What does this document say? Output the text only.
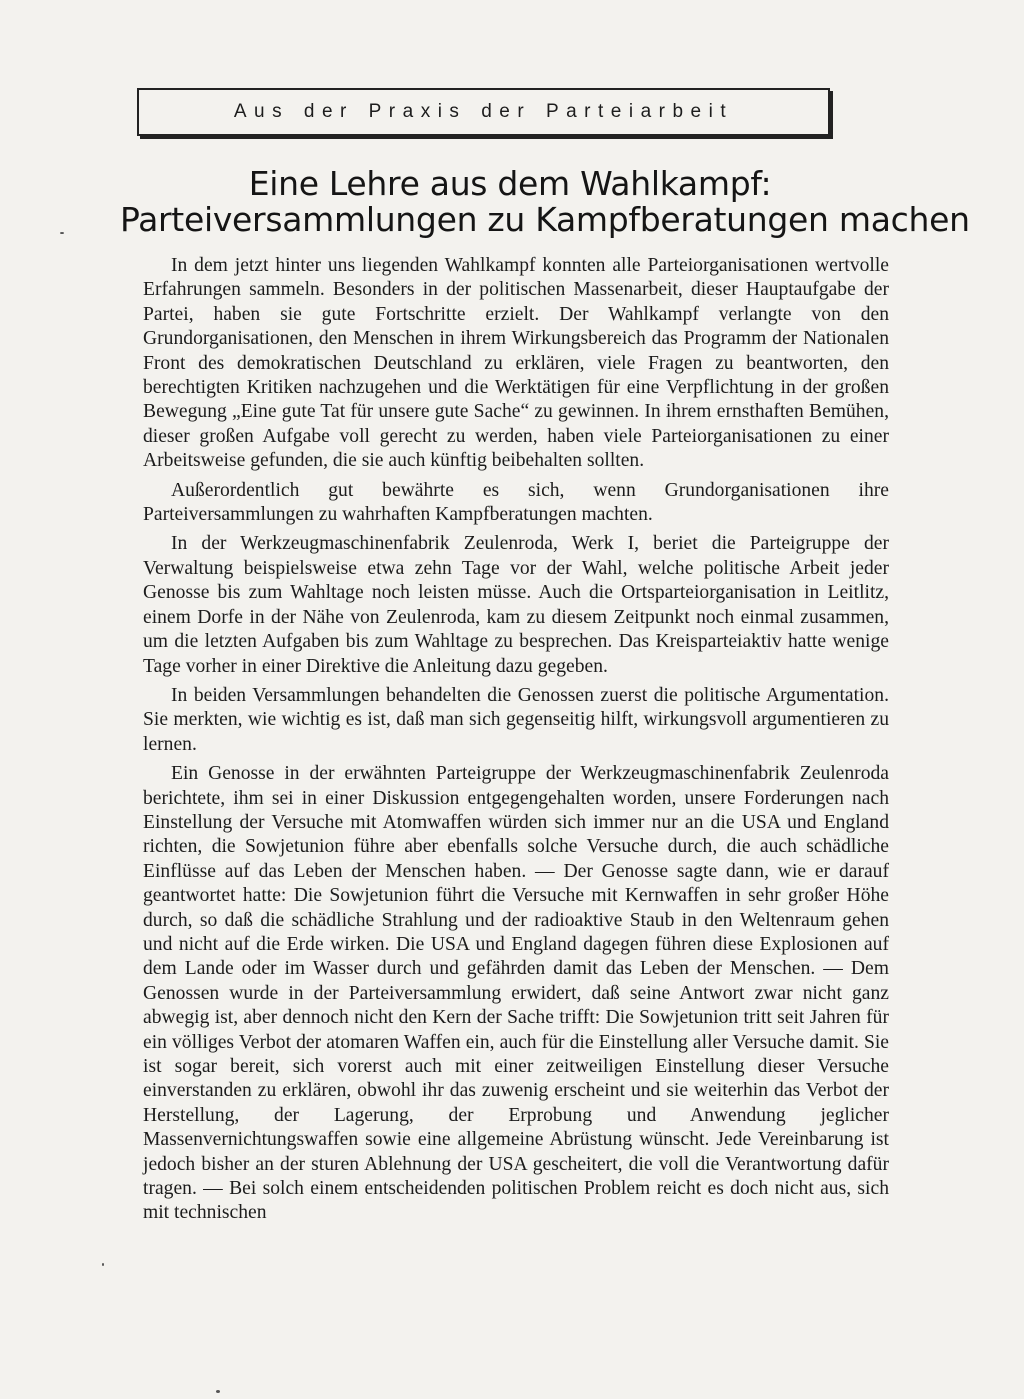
Aus der Praxis der Parteiarbeit
Eine Lehre aus dem Wahlkampf:
Parteiversammlungen zu Kampfberatungen machen

In dem jetzt hinter uns liegenden Wahlkampf konnten alle Parteiorganisationen wertvolle Erfahrungen sammeln. Besonders in der politischen Massenarbeit, dieser Hauptaufgabe der Partei, haben sie gute Fortschritte erzielt. Der Wahlkampf verlangte von den Grundorganisationen, den Menschen in ihrem Wirkungsbereich das Programm der Nationalen Front des demokratischen Deutschland zu erklären, viele Fragen zu beantworten, den berechtigten Kritiken nachzugehen und die Werktätigen für eine Verpflichtung in der großen Bewegung „Eine gute Tat für unsere gute Sache“ zu gewinnen. In ihrem ernsthaften Bemühen, dieser großen Aufgabe voll gerecht zu werden, haben viele Parteiorganisationen zu einer Arbeitsweise gefunden, die sie auch künftig beibehalten sollten.

Außerordentlich gut bewährte es sich, wenn Grundorganisationen ihre Parteiversammlungen zu wahrhaften Kampfberatungen machten.

In der Werkzeugmaschinenfabrik Zeulenroda, Werk I, beriet die Parteigruppe der Verwaltung beispielsweise etwa zehn Tage vor der Wahl, welche politische Arbeit jeder Genosse bis zum Wahltage noch leisten müsse. Auch die Ortsparteiorganisation in Leitlitz, einem Dorfe in der Nähe von Zeulenroda, kam zu diesem Zeitpunkt noch einmal zusammen, um die letzten Aufgaben bis zum Wahltage zu besprechen. Das Kreisparteiaktiv hatte wenige Tage vorher in einer Direktive die Anleitung dazu gegeben.

In beiden Versammlungen behandelten die Genossen zuerst die politische Argumentation. Sie merkten, wie wichtig es ist, daß man sich gegenseitig hilft, wirkungsvoll argumentieren zu lernen.

Ein Genosse in der erwähnten Parteigruppe der Werkzeugmaschinenfabrik Zeulenroda berichtete, ihm sei in einer Diskussion entgegengehalten worden, unsere Forderungen nach Einstellung der Versuche mit Atomwaffen würden sich immer nur an die USA und England richten, die Sowjetunion führe aber ebenfalls solche Versuche durch, die auch schädliche Einflüsse auf das Leben der Menschen haben. — Der Genosse sagte dann, wie er darauf geantwortet hatte: Die Sowjetunion führt die Versuche mit Kernwaffen in sehr großer Höhe durch, so daß die schädliche Strahlung und der radioaktive Staub in den Weltenraum gehen und nicht auf die Erde wirken. Die USA und England dagegen führen diese Explosionen auf dem Lande oder im Wasser durch und gefährden damit das Leben der Menschen. — Dem Genossen wurde in der Parteiversammlung erwidert, daß seine Antwort zwar nicht ganz abwegig ist, aber dennoch nicht den Kern der Sache trifft: Die Sowjetunion tritt seit Jahren für ein völliges Verbot der atomaren Waffen ein, auch für die Einstellung aller Versuche damit. Sie ist sogar bereit, sich vorerst auch mit einer zeitweiligen Einstellung dieser Versuche einverstanden zu erklären, obwohl ihr das zuwenig erscheint und sie weiterhin das Verbot der Herstellung, der Lagerung, der Erprobung und Anwendung jeglicher Massenvernichtungswaffen sowie eine allgemeine Abrüstung wünscht. Jede Vereinbarung ist jedoch bisher an der sturen Ablehnung der USA gescheitert, die voll die Verantwortung dafür tragen. — Bei solch einem entscheidenden politischen Problem reicht es doch nicht aus, sich mit technischen
